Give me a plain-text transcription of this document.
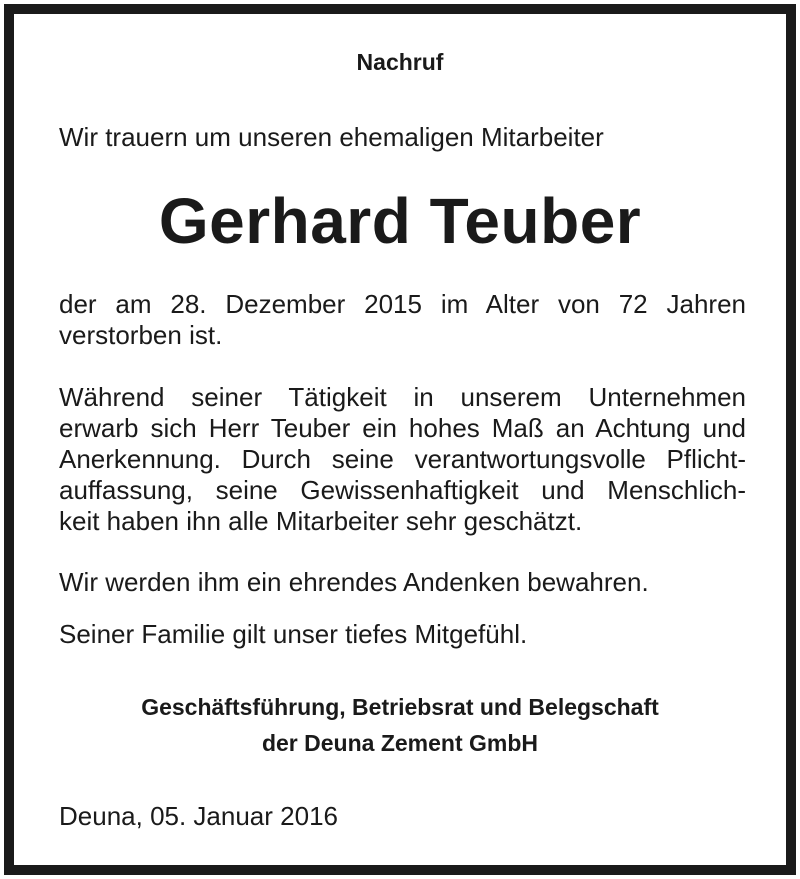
Nachruf

Wir trauern um unseren ehemaligen Mitarbeiter

Gerhard Teuber

der am 28. Dezember 2015 im Alter von 72 Jahren
verstorben ist.
Während seiner Tätigkeit in unserem Unternehmen
erwarb sich Herr Teuber ein hohes Maß an Achtung und
Anerkennung. Durch seine verantwortungsvolle Pflicht-
auffassung, seine Gewissenhaftigkeit und Menschlich-
keit haben ihn alle Mitarbeiter sehr geschätzt.

Wir werden ihm ein ehrendes Andenken bewahren.

Seiner Familie gilt unser tiefes Mitgefühl.

Geschäftsführung, Betriebsrat und Belegschaft

der Deuna Zement GmbH

Deuna, 05. Januar 2016
